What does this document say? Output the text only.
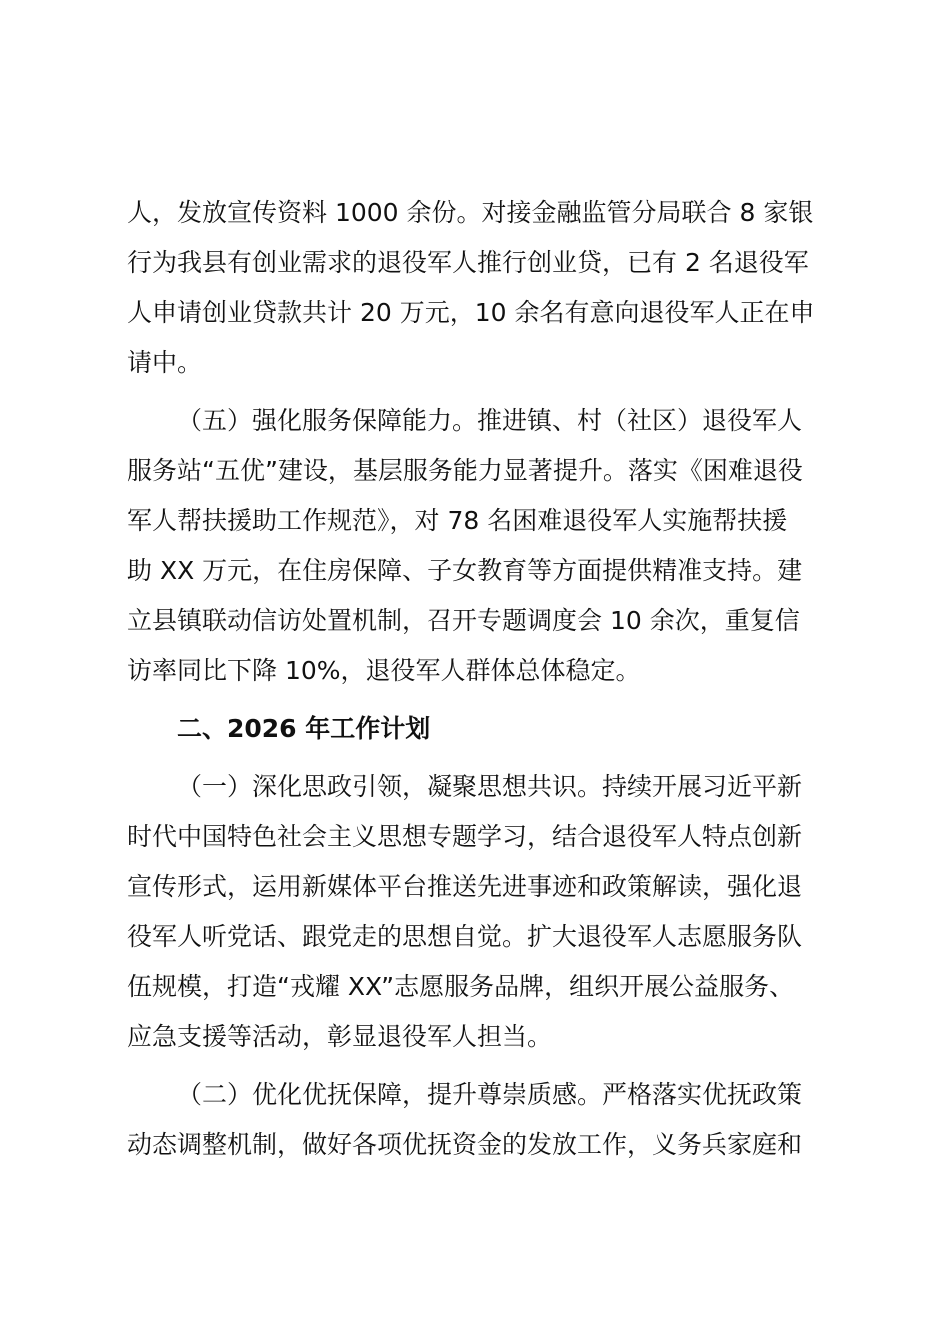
人，发放宣传资料 1000 余份。对接金融监管分局联合 8 家银
行为我县有创业需求的退役军人推行创业贷，已有 2 名退役军
人申请创业贷款共计 20 万元，10 余名有意向退役军人正在申
请中。
（五）强化服务保障能力。推进镇、村（社区）退役军人
服务站“五优”建设，基层服务能力显著提升。落实《困难退役
军人帮扶援助工作规范》，对 78 名困难退役军人实施帮扶援
助 XX 万元，在住房保障、子女教育等方面提供精准支持。建
立县镇联动信访处置机制，召开专题调度会 10 余次，重复信
访率同比下降 10%，退役军人群体总体稳定。
二、2026 年工作计划
（一）深化思政引领，凝聚思想共识。持续开展习近平新
时代中国特色社会主义思想专题学习，结合退役军人特点创新
宣传形式，运用新媒体平台推送先进事迹和政策解读，强化退
役军人听党话、跟党走的思想自觉。扩大退役军人志愿服务队
伍规模，打造“戎耀 XX”志愿服务品牌，组织开展公益服务、
应急支援等活动，彰显退役军人担当。
（二）优化优抚保障，提升尊崇质感。严格落实优抚政策
动态调整机制，做好各项优抚资金的发放工作，义务兵家庭和
